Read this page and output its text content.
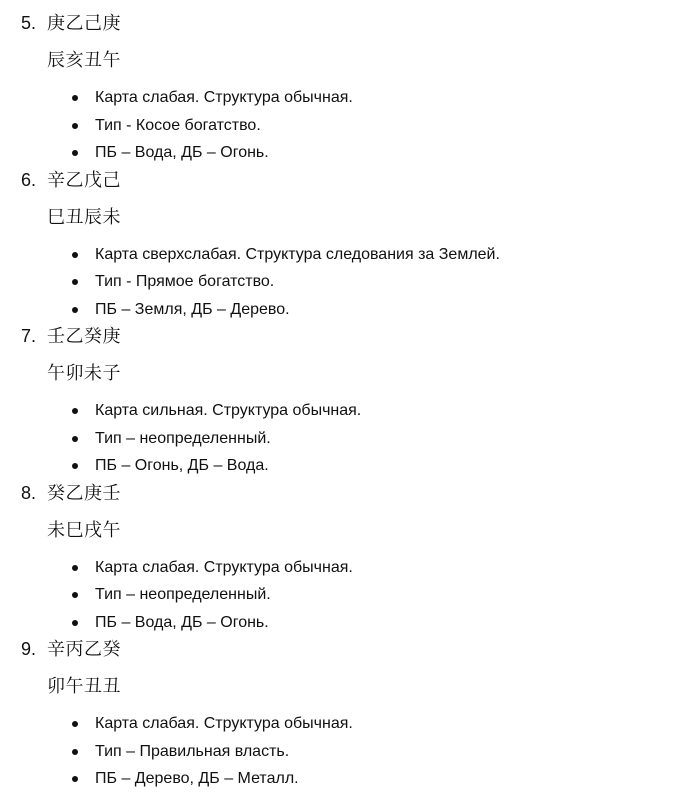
5. 庚乙己庚
辰亥丑午
Карта слабая. Структура обычная.
Тип - Косое богатство.
ПБ – Вода, ДБ – Огонь.
6. 辛乙戊己
巳丑辰未
Карта сверхслабая. Структура следования за Землей.
Тип - Прямое богатство.
ПБ – Земля, ДБ – Дерево.
7. 壬乙癸庚
午卯未子
Карта сильная. Структура обычная.
Тип – неопределенный.
ПБ – Огонь, ДБ – Вода.
8. 癸乙庚壬
未巳戌午
Карта слабая. Структура обычная.
Тип – неопределенный.
ПБ – Вода, ДБ – Огонь.
9. 辛丙乙癸
卯午丑丑
Карта слабая. Структура обычная.
Тип – Правильная власть.
ПБ – Дерево, ДБ – Металл.
